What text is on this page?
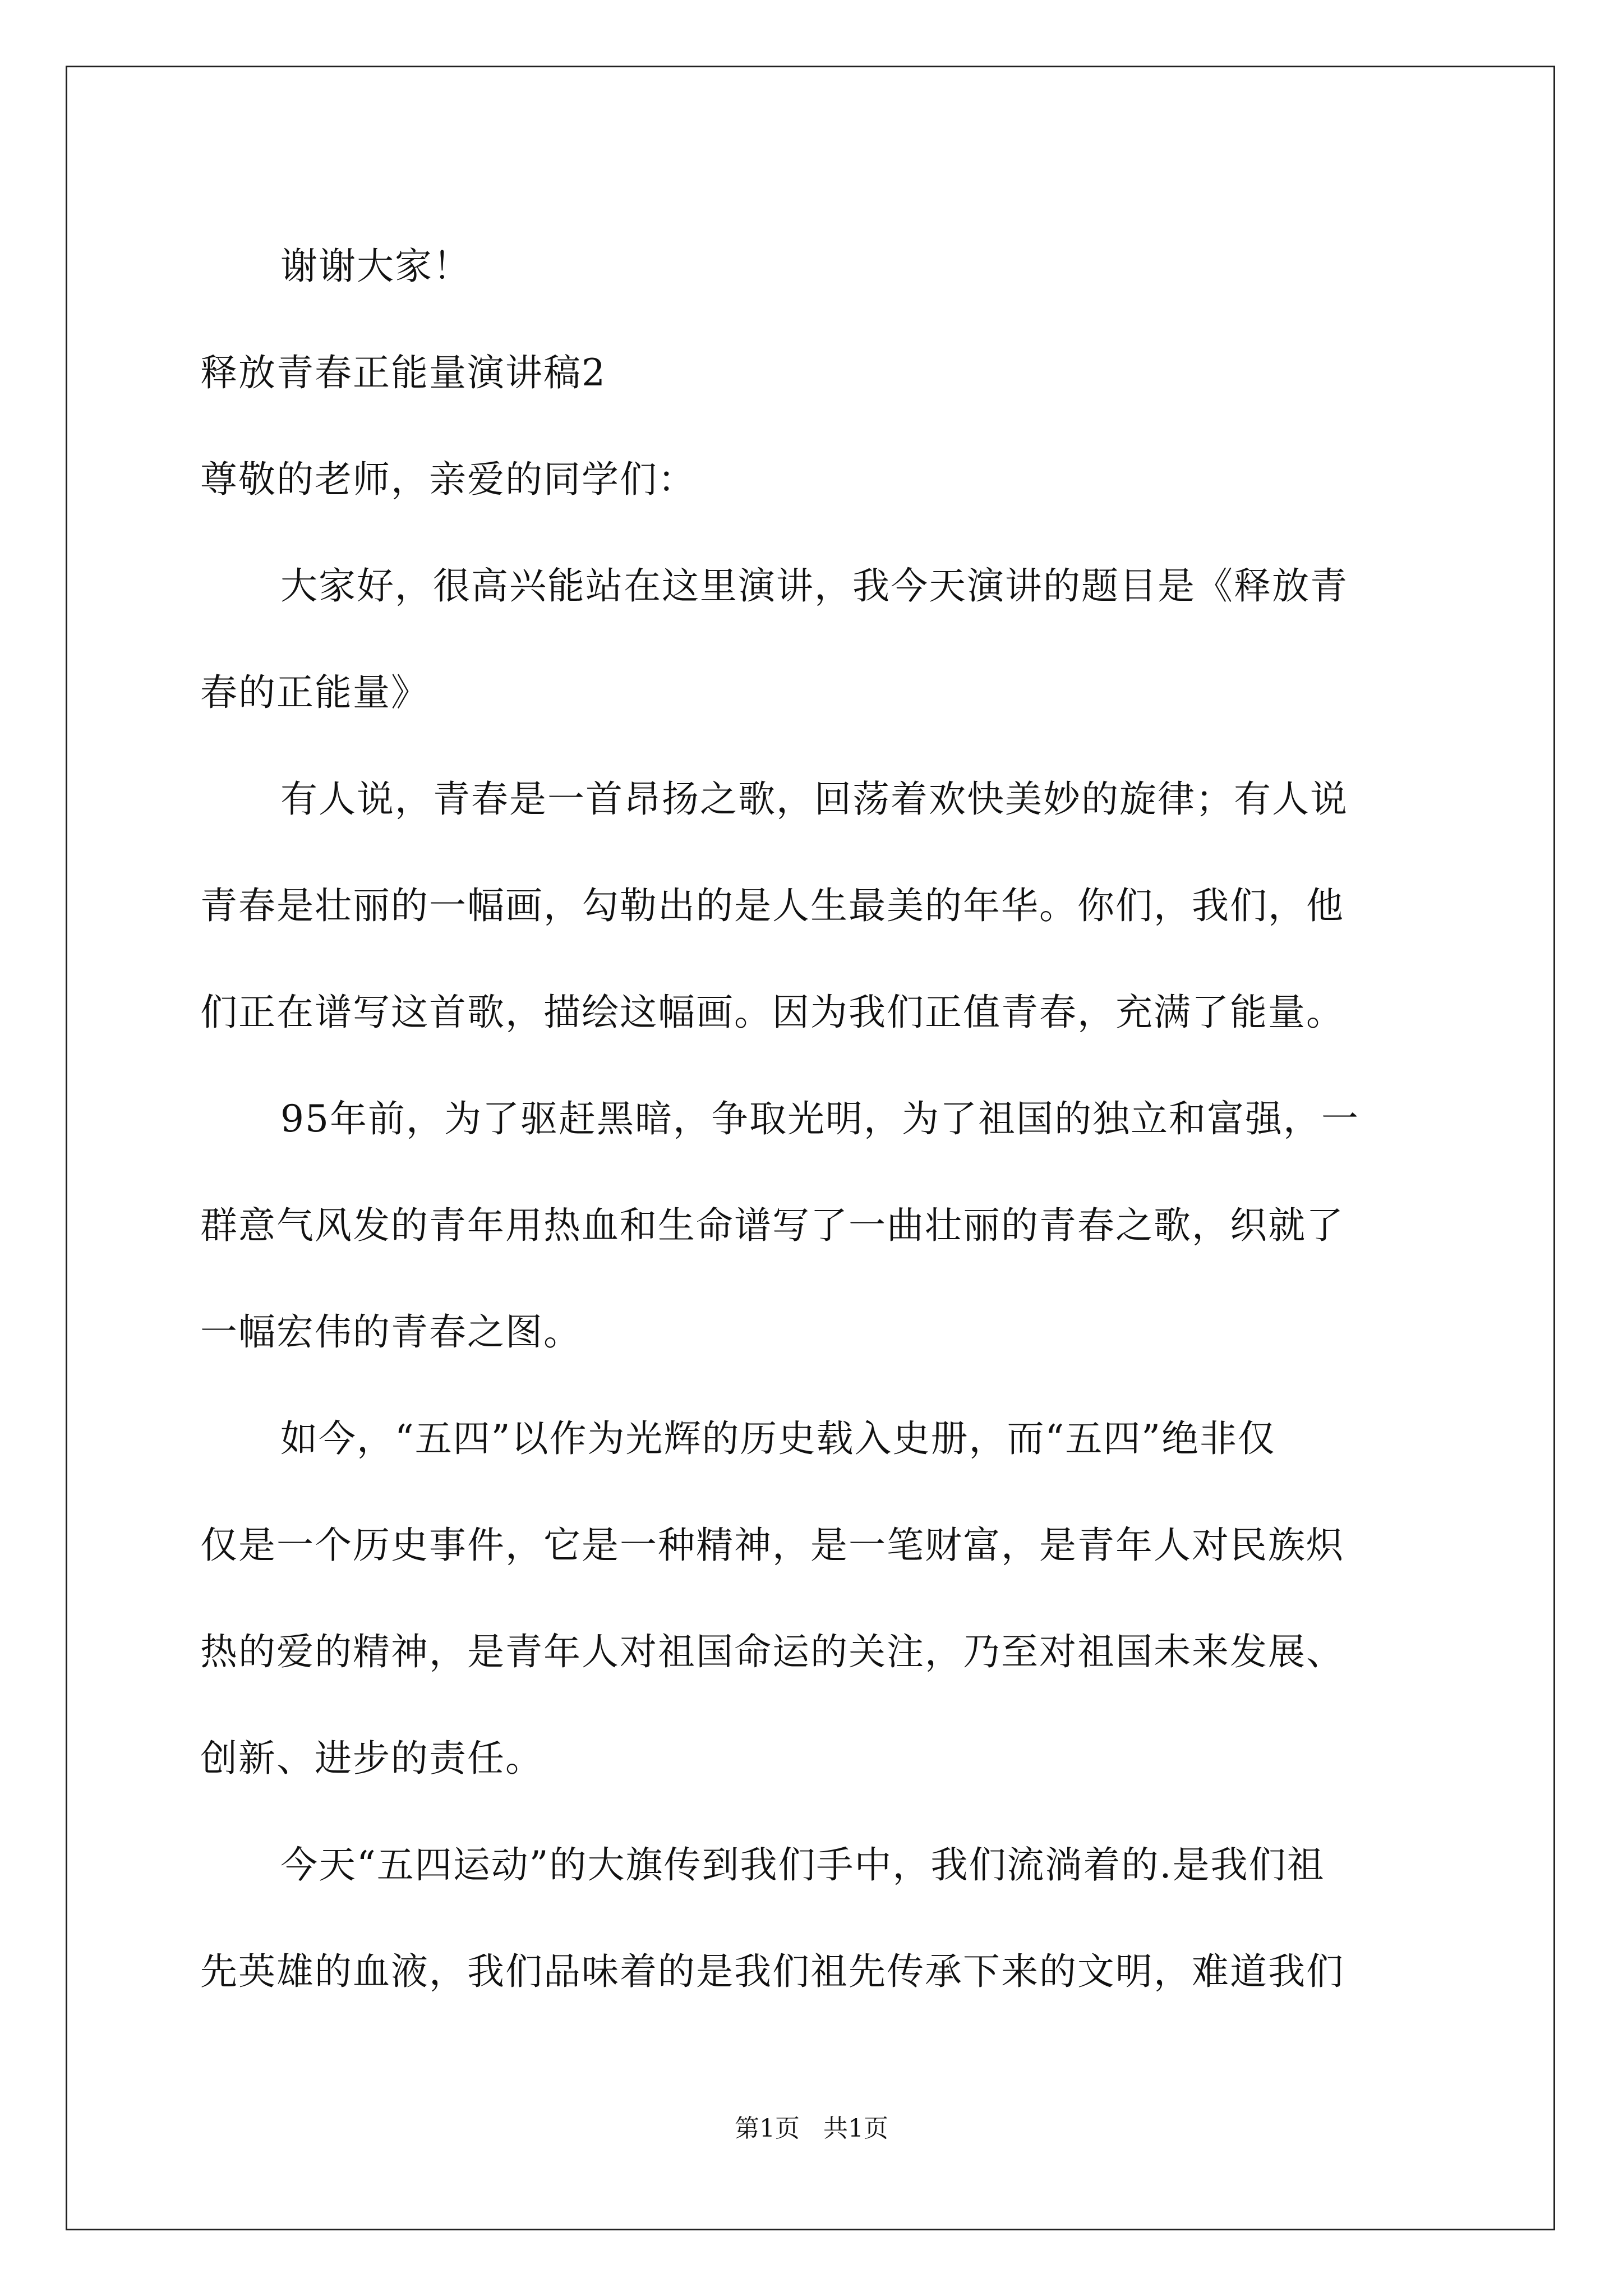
谢谢大家！
释放青春正能量演讲稿2
尊敬的老师，亲爱的同学们：
大家好，很高兴能站在这里演讲，我今天演讲的题目是《释放青
春的正能量》
有人说，青春是一首昂扬之歌，回荡着欢快美妙的旋律；有人说
青春是壮丽的一幅画，勾勒出的是人生最美的年华。你们，我们，他
们正在谱写这首歌，描绘这幅画。因为我们正值青春，充满了能量。
95年前，为了驱赶黑暗，争取光明，为了祖国的独立和富强，一
群意气风发的青年用热血和生命谱写了一曲壮丽的青春之歌，织就了
一幅宏伟的青春之图。
如今，“五四”以作为光辉的历史载入史册，而“五四”绝非仅
仅是一个历史事件，它是一种精神，是一笔财富，是青年人对民族炽
热的爱的精神，是青年人对祖国命运的关注，乃至对祖国未来发展、
创新、进步的责任。
今天“五四运动”的大旗传到我们手中，我们流淌着的.是我们祖
先英雄的血液，我们品味着的是我们祖先传承下来的文明，难道我们
第1页   共1页
